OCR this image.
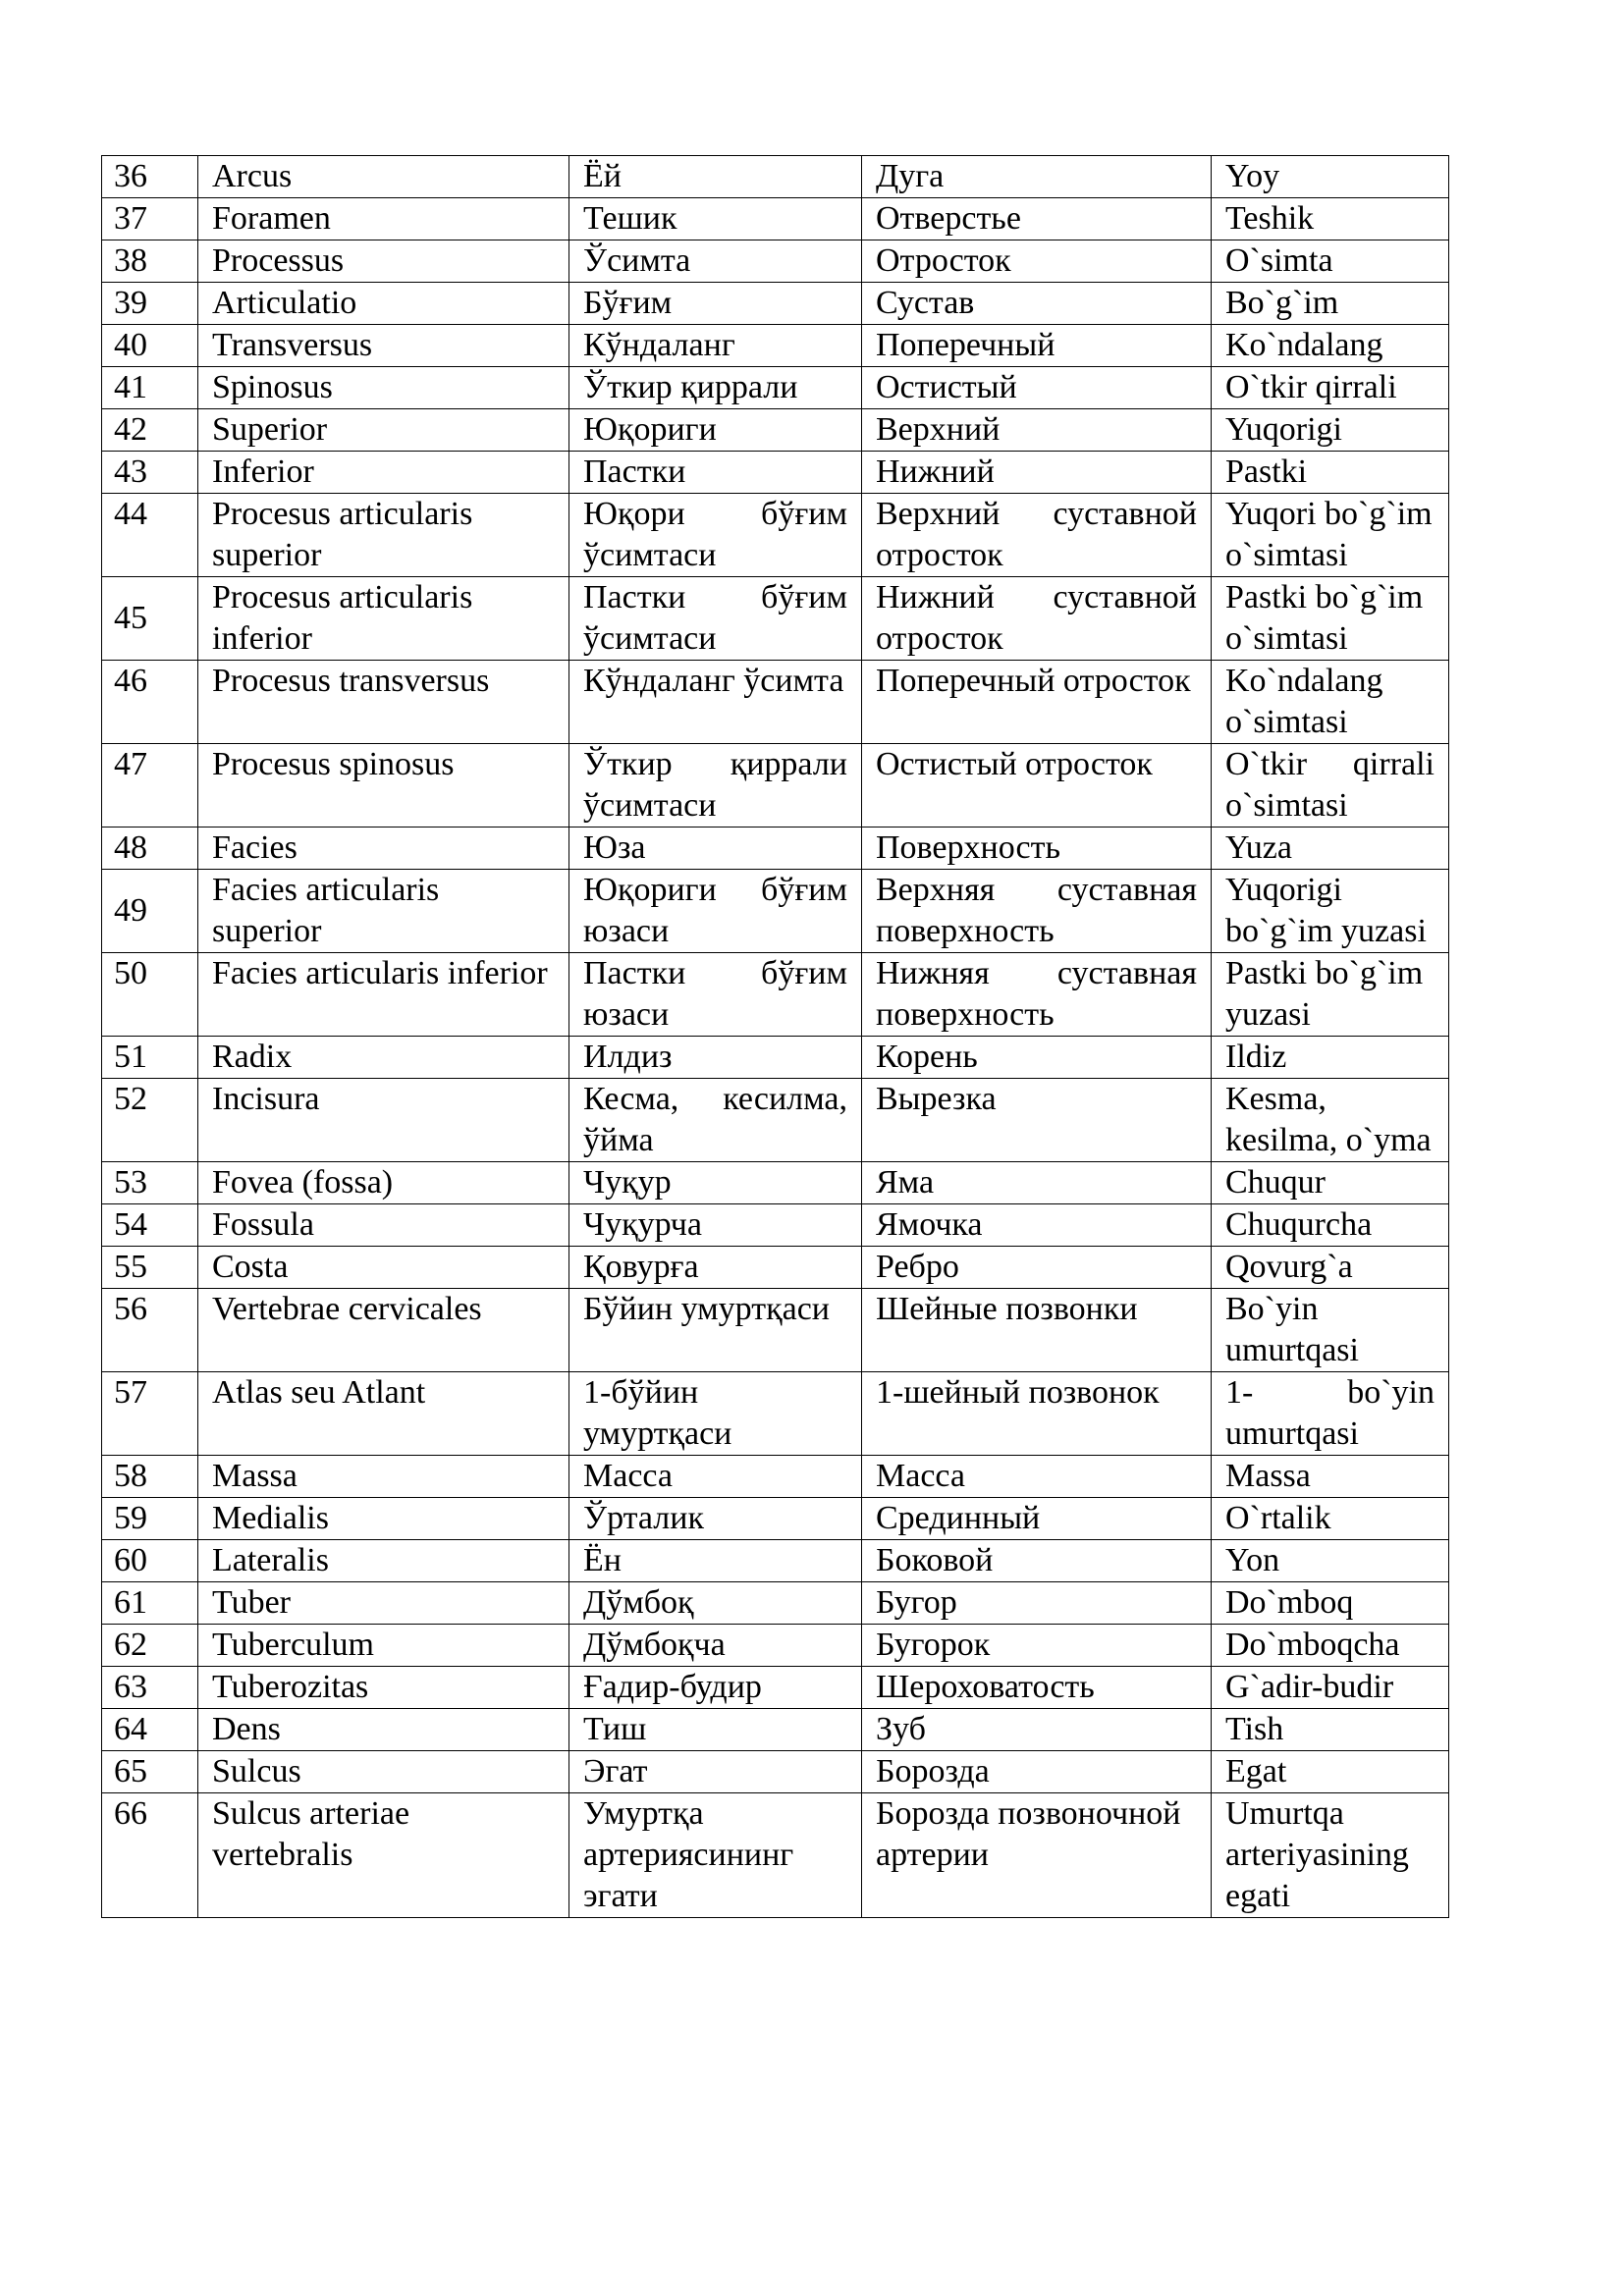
36	Arcus	Ёй	Дуга	Yoy
37	Foramen	Тешик	Отверстье	Teshik
38	Processus	Ўсимта	Отросток	O`simta
39	Articulatio	Бўғим	Сустав	Bo`g`im
40	Transversus	Кўндаланг	Поперечный	Ko`ndalang
41	Spinosus	Ўткир қиррали	Остистый	O`tkir qirrali
42	Superior	Юқориги	Верхний	Yuqorigi
43	Inferior	Пастки	Нижний	Pastki
44	Procesus articularis superior	Юқори бўғим ўсимтаси	Верхний суставной отросток	Yuqori bo`g`im o`simtasi
45	Procesus articularis inferior	Пастки бўғим ўсимтаси	Нижний суставной отросток	Pastki bo`g`im o`simtasi
46	Procesus transversus	Кўндаланг ўсимта	Поперечный отросток	Ko`ndalang o`simtasi
47	Procesus spinosus	Ўткир қиррали ўсимтаси	Остистый отросток	O`tkir qirrali o`simtasi
48	Facies	Юза	Поверхность	Yuza
49	Facies articularis superior	Юқориги бўғим юзаси	Верхняя суставная поверхность	Yuqorigi bo`g`im yuzasi
50	Facies articularis inferior	Пастки бўғим юзаси	Нижняя суставная поверхность	Pastki bo`g`im yuzasi
51	Radix	Илдиз	Корень	Ildiz
52	Incisura	Кесма, кесилма, ўйма	Вырезка	Kesma, kesilma, o`yma
53	Fovea (fossa)	Чуқур	Яма	Chuqur
54	Fossula	Чуқурча	Ямочка	Chuqurcha
55	Costa	Қовурға	Ребро	Qovurg`a
56	Vertebrae cervicales	Бўйин умуртқаси	Шейные позвонки	Bo`yin umurtqasi
57	Atlas seu Atlant	1-бўйин умуртқаси	1-шейный позвонок	1- bo`yin umurtqasi
58	Massa	Масса	Масса	Massa
59	Medialis	Ўрталик	Срединный	O`rtalik
60	Lateralis	Ён	Боковой	Yon
61	Tuber	Дўмбоқ	Бугор	Do`mboq
62	Tuberculum	Дўмбоқча	Бугорок	Do`mboqcha
63	Tuberozitas	Ғадир-будир	Шероховатость	G`adir-budir
64	Dens	Тиш	Зуб	Tish
65	Sulcus	Эгат	Борозда	Egat
66	Sulcus arteriae vertebralis	Умуртқа артериясининг эгати	Борозда позвоночной артерии	Umurtqa arteriyasining egati
